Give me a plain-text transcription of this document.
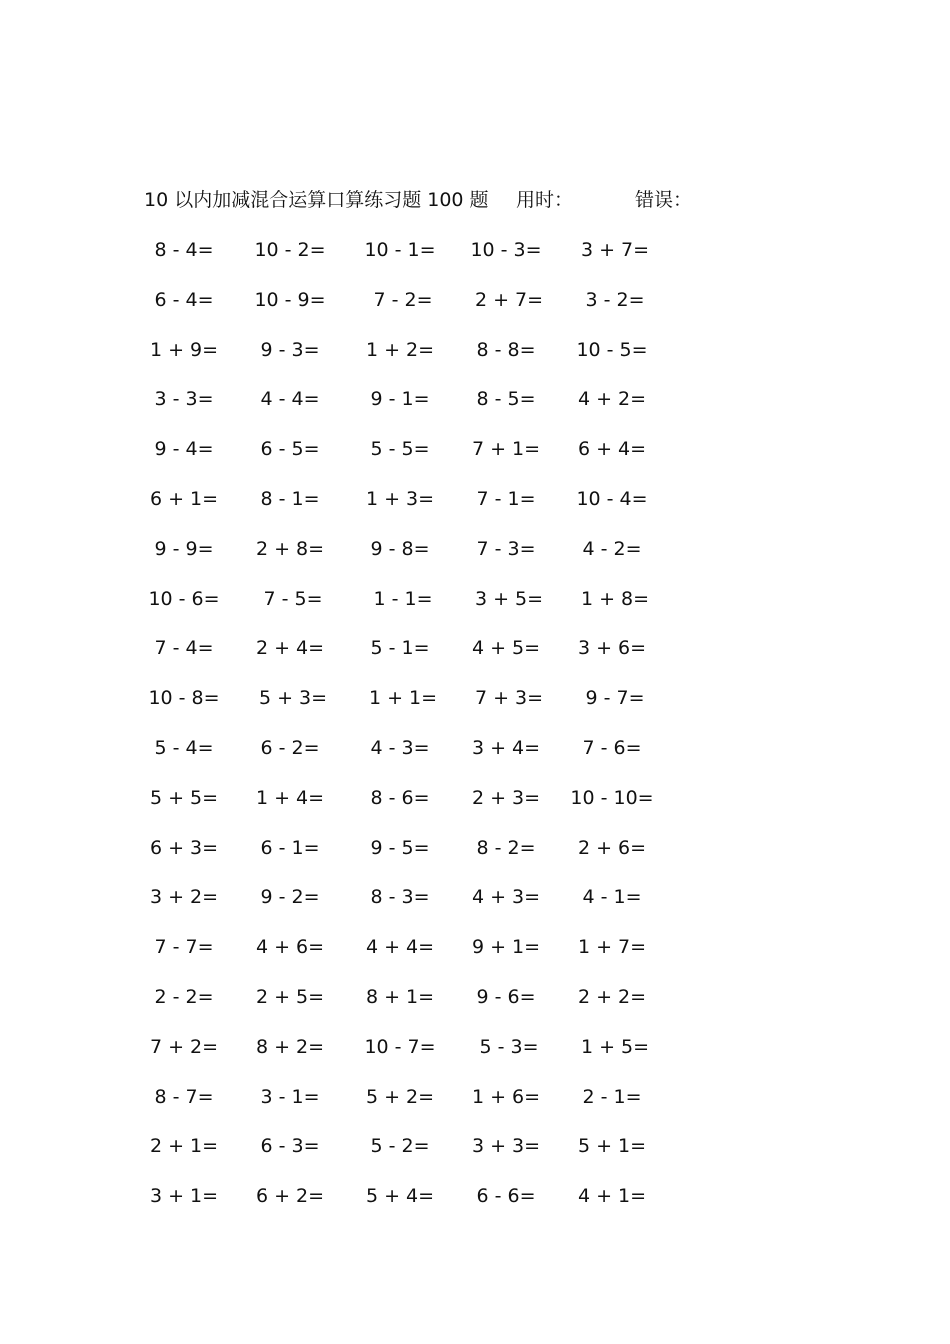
10 以内加减混合运算口算练习题 100 题 用时：	错误：
8 - 4=	10 - 2=	10 - 1=	10 - 3=	3 + 7=
6 - 4=	10 - 9=	7 - 2=	2 + 7=	3 - 2=
1 + 9=	9 - 3=	1 + 2=	8 - 8=	10 - 5=
3 - 3=	4 - 4=	9 - 1=	8 - 5=	4 + 2=
9 - 4=	6 - 5=	5 - 5=	7 + 1=	6 + 4=
6 + 1=	8 - 1=	1 + 3=	7 - 1=	10 - 4=
9 - 9=	2 + 8=	9 - 8=	7 - 3=	4 - 2=
10 - 6=	7 - 5=	1 - 1=	3 + 5=	1 + 8=
7 - 4=	2 + 4=	5 - 1=	4 + 5=	3 + 6=
10 - 8=	5 + 3=	1 + 1=	7 + 3=	9 - 7=
5 - 4=	6 - 2=	4 - 3=	3 + 4=	7 - 6=
5 + 5=	1 + 4=	8 - 6=	2 + 3=	10 - 10=
6 + 3=	6 - 1=	9 - 5=	8 - 2=	2 + 6=
3 + 2=	9 - 2=	8 - 3=	4 + 3=	4 - 1=
7 - 7=	4 + 6=	4 + 4=	9 + 1=	1 + 7=
2 - 2=	2 + 5=	8 + 1=	9 - 6=	2 + 2=
7 + 2=	8 + 2=	10 - 7=	5 - 3=	1 + 5=
8 - 7=	3 - 1=	5 + 2=	1 + 6=	2 - 1=
2 + 1=	6 - 3=	5 - 2=	3 + 3=	5 + 1=
3 + 1=	6 + 2=	5 + 4=	6 - 6=	4 + 1=
